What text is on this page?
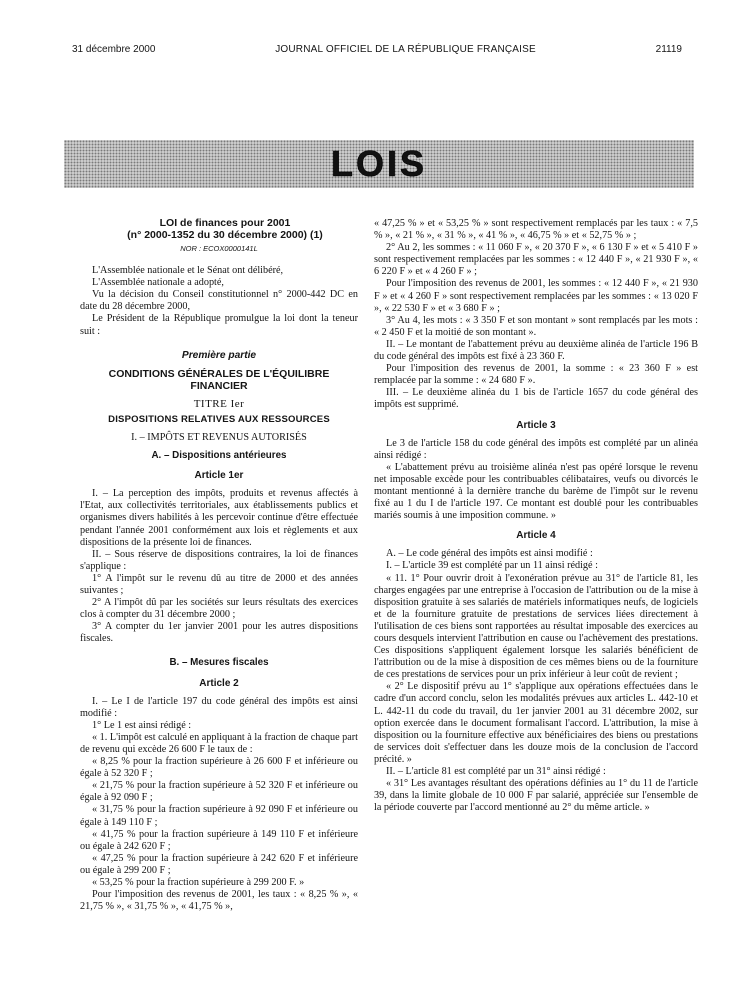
31 décembre 2000	JOURNAL OFFICIEL DE LA RÉPUBLIQUE FRANÇAISE	21119
LOIS

LOI de finances pour 2001

(n° 2000-1352 du 30 décembre 2000) (1)

NOR : ECOX0000141L

L'Assemblée nationale et le Sénat ont délibéré,

L'Assemblée nationale a adopté,

Vu la décision du Conseil constitutionnel n° 2000-442 DC en date du 28 décembre 2000,

Le Président de la République promulgue la loi dont la teneur suit :

Première partie
CONDITIONS GÉNÉRALES DE L'ÉQUILIBRE FINANCIER
TITRE Ier
DISPOSITIONS RELATIVES AUX RESSOURCES
I. – IMPÔTS ET REVENUS AUTORISÉS
A. – Dispositions antérieures
Article 1er

I. – La perception des impôts, produits et revenus affectés à l'Etat, aux collectivités territoriales, aux établissements publics et organismes divers habilités à les percevoir continue d'être effectuée pendant l'année 2001 conformément aux lois et règlements et aux dispositions de la présente loi de finances.

II. – Sous réserve de dispositions contraires, la loi de finances s'applique :

1° A l'impôt sur le revenu dû au titre de 2000 et des années suivantes ;

2° A l'impôt dû par les sociétés sur leurs résultats des exercices clos à compter du 31 décembre 2000 ;

3° A compter du 1er janvier 2001 pour les autres dispositions fiscales.

B. – Mesures fiscales
Article 2

I. – Le I de l'article 197 du code général des impôts est ainsi modifié :

1° Le 1 est ainsi rédigé :

« 1. L'impôt est calculé en appliquant à la fraction de chaque part de revenu qui excède 26 600 F le taux de :

« 8,25 % pour la fraction supérieure à 26 600 F et inférieure ou égale à 52 320 F ;

« 21,75 % pour la fraction supérieure à 52 320 F et inférieure ou égale à 92 090 F ;

« 31,75 % pour la fraction supérieure à 92 090 F et inférieure ou égale à 149 110 F ;

« 41,75 % pour la fraction supérieure à 149 110 F et inférieure ou égale à 242 620 F ;

« 47,25 % pour la fraction supérieure à 242 620 F et inférieure ou égale à 299 200 F ;

« 53,25 % pour la fraction supérieure à 299 200 F. »

Pour l'imposition des revenus de 2001, les taux : « 8,25 % », « 21,75 % », « 31,75 % », « 41,75 % »,

« 47,25 % » et « 53,25 % » sont respectivement remplacés par les taux : « 7,5 % », « 21 % », « 31 % », « 41 % », « 46,75 % » et « 52,75 % » ;

2° Au 2, les sommes : « 11 060 F », « 20 370 F », « 6 130 F » et « 5 410 F » sont respectivement remplacées par les sommes : « 12 440 F », « 21 930 F », « 6 220 F » et « 4 260 F » ;

Pour l'imposition des revenus de 2001, les sommes : « 12 440 F », « 21 930 F » et « 4 260 F » sont respectivement remplacées par les sommes : « 13 020 F », « 22 530 F » et « 3 680 F » ;

3° Au 4, les mots : « 3 350 F et son montant » sont remplacés par les mots : « 2 450 F et la moitié de son montant ».

II. – Le montant de l'abattement prévu au deuxième alinéa de l'article 196 B du code général des impôts est fixé à 23 360 F.

Pour l'imposition des revenus de 2001, la somme : « 23 360 F » est remplacée par la somme : « 24 680 F ».

III. – Le deuxième alinéa du 1 bis de l'article 1657 du code général des impôts est supprimé.

Article 3

Le 3 de l'article 158 du code général des impôts est complété par un alinéa ainsi rédigé :

« L'abattement prévu au troisième alinéa n'est pas opéré lorsque le revenu net imposable excède pour les contribuables célibataires, veufs ou divorcés le montant mentionné à la dernière tranche du barème de l'impôt sur le revenu fixé au 1 du I de l'article 197. Ce montant est doublé pour les contribuables mariés soumis à une imposition commune. »

Article 4

A. – Le code général des impôts est ainsi modifié :

I. – L'article 39 est complété par un 11 ainsi rédigé :

« 11. 1° Pour ouvrir droit à l'exonération prévue au 31° de l'article 81, les charges engagées par une entreprise à l'occasion de l'attribution ou de la mise à disposition gratuite à ses salariés de matériels informatiques neufs, de logiciels et de la fourniture gratuite de prestations de services liées directement à l'utilisation de ces biens sont rapportées au résultat imposable des exercices au cours desquels intervient l'attribution en cause ou l'achèvement des prestations. Ces dispositions s'appliquent également lorsque les salariés bénéficient de l'attribution ou de la mise à disposition de ces mêmes biens ou de la fourniture de ces prestations de services pour un prix inférieur à leur coût de revient ;

« 2° Le dispositif prévu au 1° s'applique aux opérations effectuées dans le cadre d'un accord conclu, selon les modalités prévues aux articles L. 442-10 et L. 442-11 du code du travail, du 1er janvier 2001 au 31 décembre 2002, sur option exercée dans le document formalisant l'accord. L'attribution, la mise à disposition ou la fourniture effective aux bénéficiaires des biens ou prestations de services doit s'effectuer dans les douze mois de la conclusion de l'accord précité. »

II. – L'article 81 est complété par un 31° ainsi rédigé :

« 31° Les avantages résultant des opérations définies au 1° du 11 de l'article 39, dans la limite globale de 10 000 F par salarié, appréciée sur l'ensemble de la période couverte par l'accord mentionné au 2° du même article. »
